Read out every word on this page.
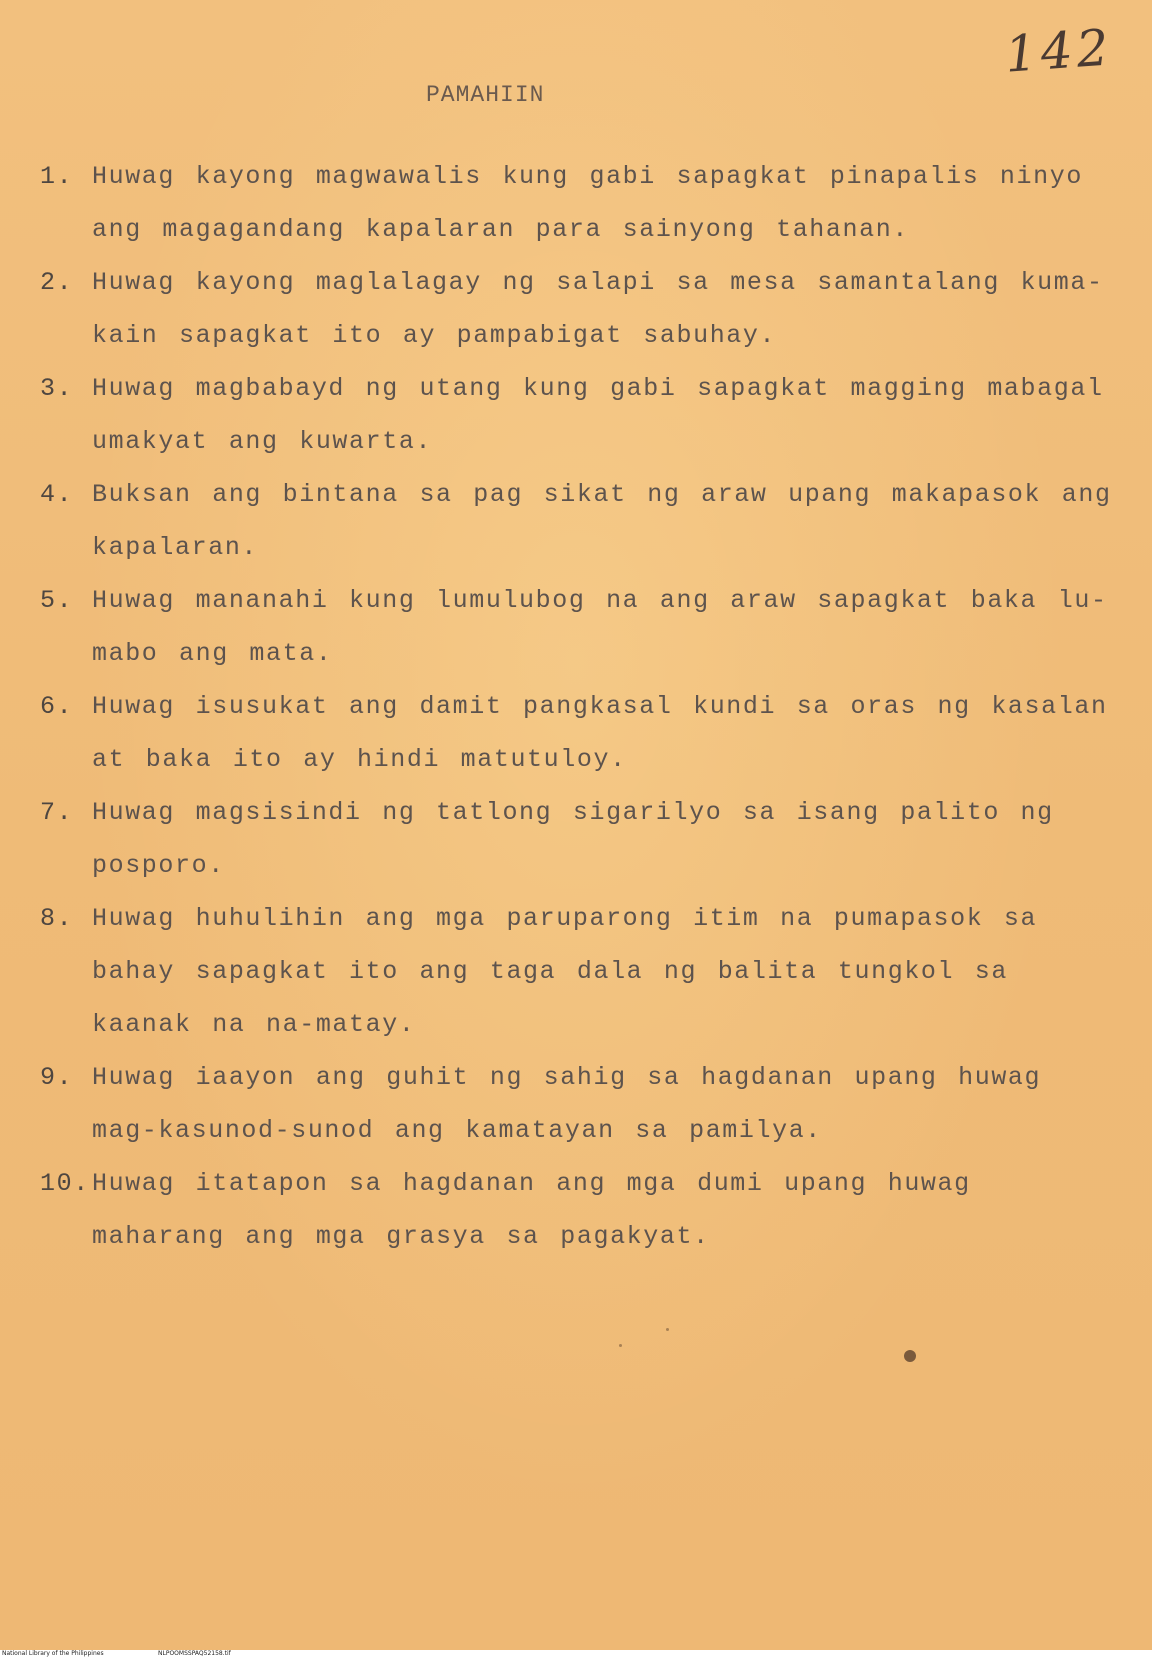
142
PAMAHIIN
1. Huwag kayong magwawalis kung gabi sapagkat pinapalis ninyo ang magagandang kapalaran para sainyong tahanan.
2. Huwag kayong maglalagay ng salapi sa mesa samantalang kuma-kain sapagkat ito ay pampabigat sabuhay.
3. Huwag magbabayd ng utang kung gabi sapagkat magging mabagal umakyat ang kuwarta.
4. Buksan ang bintana sa pag sikat ng araw upang makapasok ang kapalaran.
5. Huwag mananahi kung lumulubog na ang araw sapagkat baka lu-mabo ang mata.
6. Huwag isusukat ang damit pangkasal kundi sa oras ng kasalan at baka ito ay hindi matutuloy.
7. Huwag magsisindi ng tatlong sigarilyo sa isang palito ng posporo.
8. Huwag huhulihin ang mga paruparong itim na pumapasok sa bahay sapagkat ito ang taga dala ng balita tungkol sa kaanak na na-matay.
9. Huwag iaayon ang guhit ng sahig sa hagdanan upang huwag mag-kasunod-sunod ang kamatayan sa pamilya.
10. Huwag itatapon sa hagdanan ang mga dumi upang huwag maharang ang mga grasya sa pagakyat.
National Library of the Philippines	NLPOOMSSPAQ52158.tif
